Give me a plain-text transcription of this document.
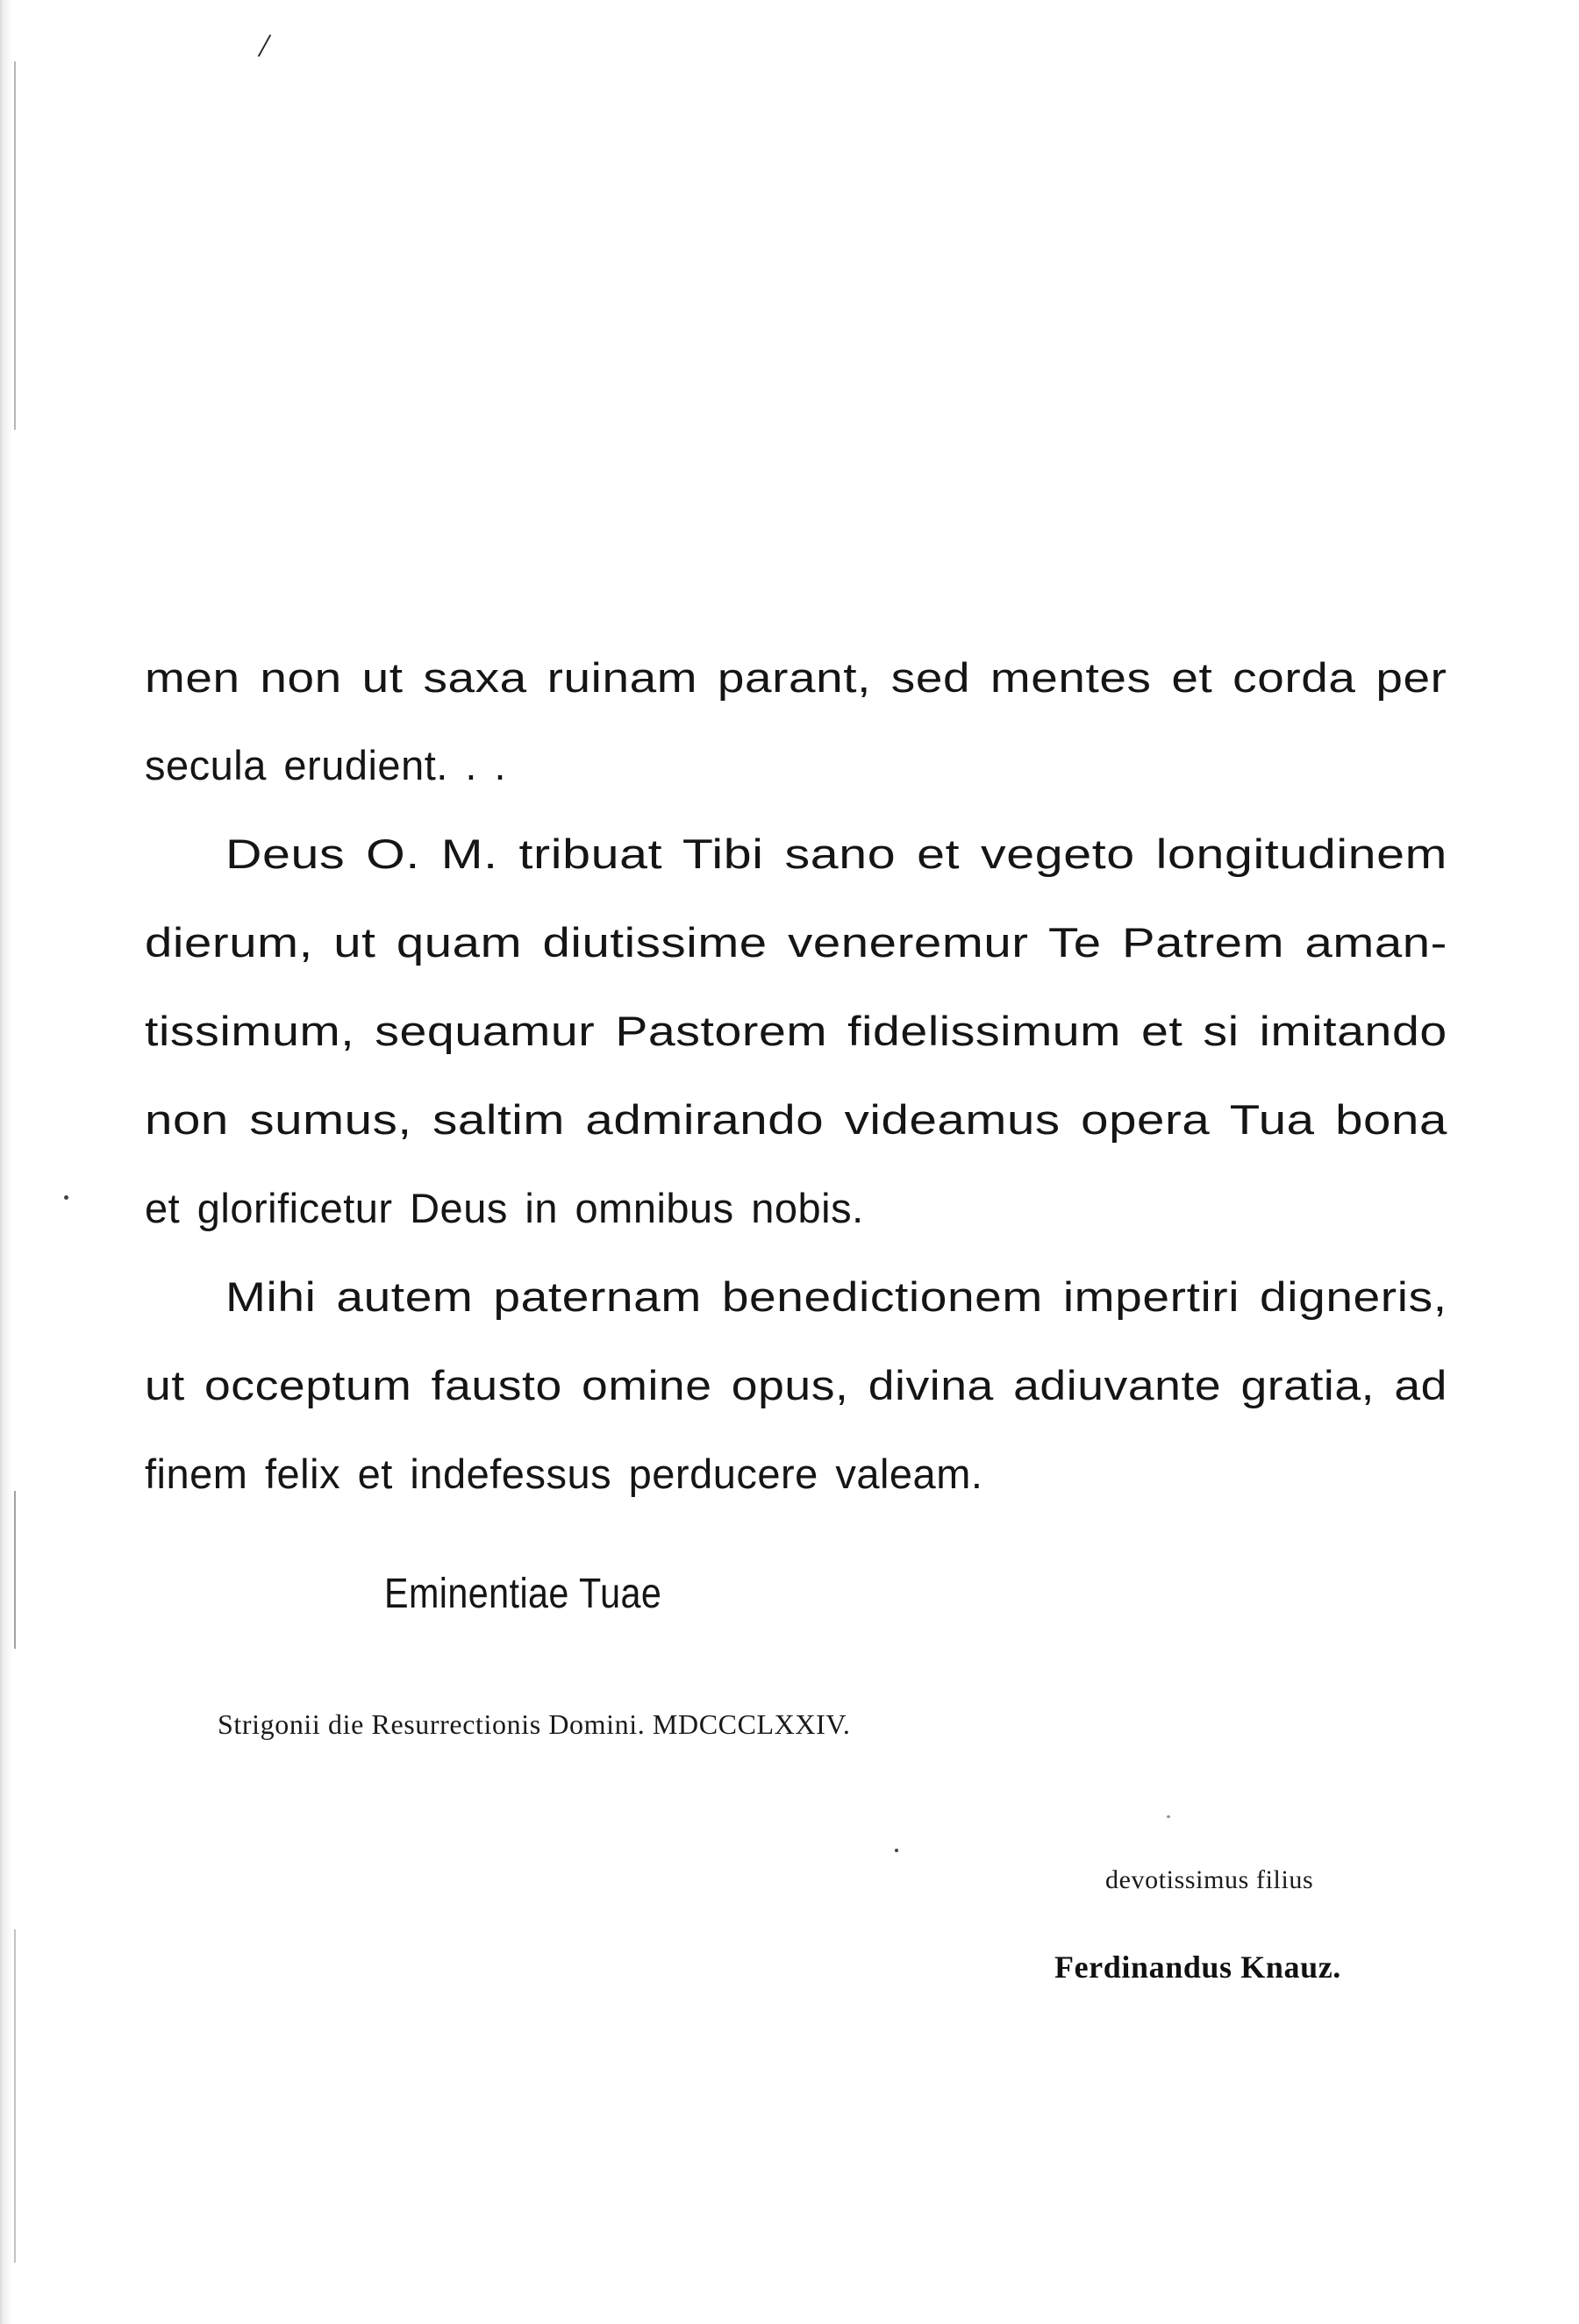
/
men non ut saxa ruinam parant, sed mentes et corda per
secula erudient. . .
Deus O. M. tribuat Tibi sano et vegeto longitudinem
dierum, ut quam diutissime veneremur Te Patrem aman-
tissimum, sequamur Pastorem fidelissimum et si imitando
non sumus, saltim admirando videamus opera Tua bona
et glorificetur Deus in omnibus nobis.
Mihi autem paternam benedictionem impertiri digneris,
ut occeptum fausto omine opus, divina adiuvante gratia, ad
finem felix et indefessus perducere valeam.
Eminentiae Tuae
Strigonii die Resurrectionis Domini. MDCCCLXXIV.
devotissimus filius
Ferdinandus Knauz.
